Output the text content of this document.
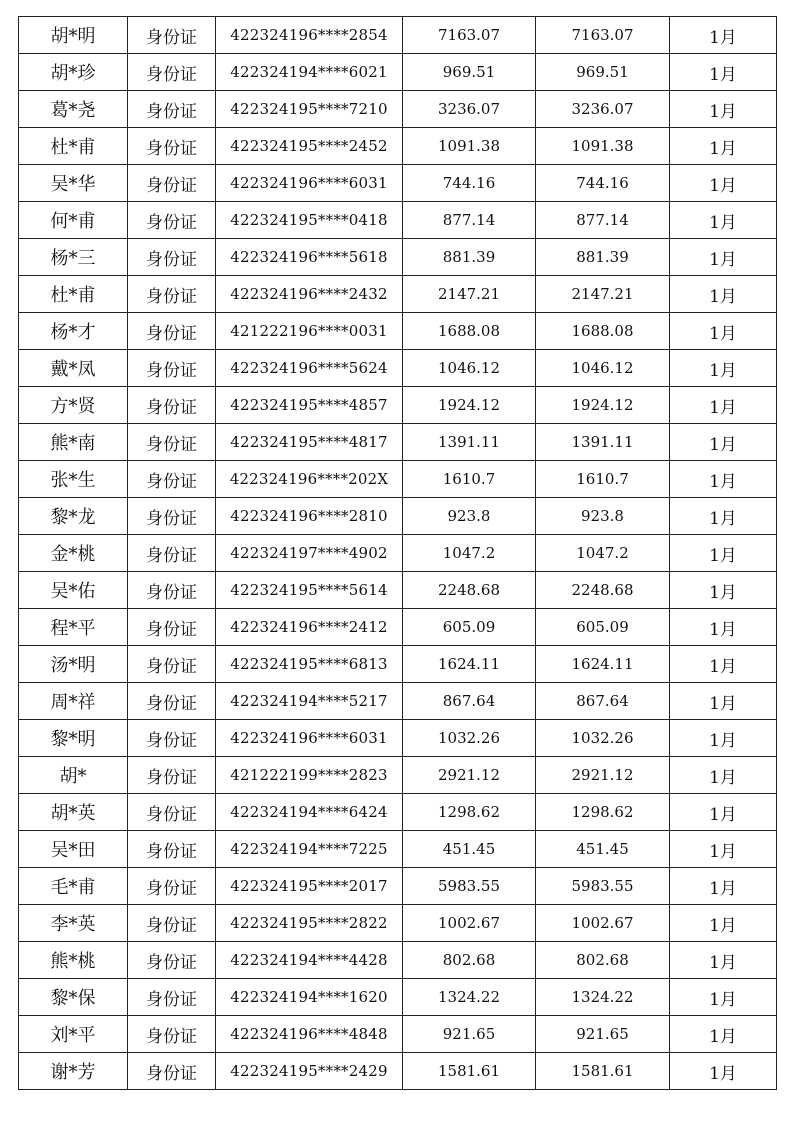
胡*明	身份证	422324196****2854	7163.07	7163.07	1月
胡*珍	身份证	422324194****6021	969.51	969.51	1月
葛*尧	身份证	422324195****7210	3236.07	3236.07	1月
杜*甫	身份证	422324195****2452	1091.38	1091.38	1月
吴*华	身份证	422324196****6031	744.16	744.16	1月
何*甫	身份证	422324195****0418	877.14	877.14	1月
杨*三	身份证	422324196****5618	881.39	881.39	1月
杜*甫	身份证	422324196****2432	2147.21	2147.21	1月
杨*才	身份证	421222196****0031	1688.08	1688.08	1月
戴*凤	身份证	422324196****5624	1046.12	1046.12	1月
方*贤	身份证	422324195****4857	1924.12	1924.12	1月
熊*南	身份证	422324195****4817	1391.11	1391.11	1月
张*生	身份证	422324196****202X	1610.7	1610.7	1月
黎*龙	身份证	422324196****2810	923.8	923.8	1月
金*桃	身份证	422324197****4902	1047.2	1047.2	1月
吴*佑	身份证	422324195****5614	2248.68	2248.68	1月
程*平	身份证	422324196****2412	605.09	605.09	1月
汤*明	身份证	422324195****6813	1624.11	1624.11	1月
周*祥	身份证	422324194****5217	867.64	867.64	1月
黎*明	身份证	422324196****6031	1032.26	1032.26	1月
胡*	身份证	421222199****2823	2921.12	2921.12	1月
胡*英	身份证	422324194****6424	1298.62	1298.62	1月
吴*田	身份证	422324194****7225	451.45	451.45	1月
毛*甫	身份证	422324195****2017	5983.55	5983.55	1月
李*英	身份证	422324195****2822	1002.67	1002.67	1月
熊*桃	身份证	422324194****4428	802.68	802.68	1月
黎*保	身份证	422324194****1620	1324.22	1324.22	1月
刘*平	身份证	422324196****4848	921.65	921.65	1月
谢*芳	身份证	422324195****2429	1581.61	1581.61	1月
